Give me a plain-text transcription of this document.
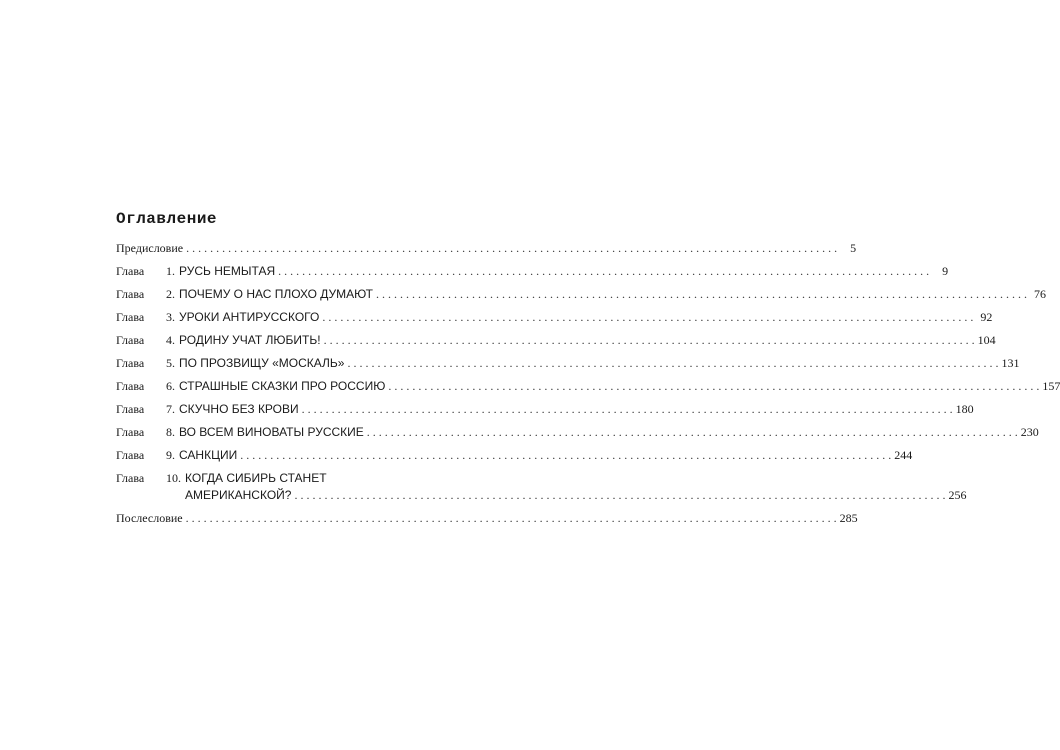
Оглавление
Предисловие . . .	5
Глава	1. РУСЬ НЕМЫТАЯ . . .	9
Глава	2. ПОЧЕМУ О НАС ПЛОХО ДУМАЮТ . . .	76
Глава	3. УРОКИ АНТИРУССКОГО . . .	92
Глава	4. РОДИНУ УЧАТ ЛЮБИТЬ! . . .	104
Глава	5. ПО ПРОЗВИЩУ «МОСКАЛЬ» . . .	131
Глава	6. СТРАШНЫЕ СКАЗКИ ПРО РОССИЮ . . .	157
Глава	7. СКУЧНО БЕЗ КРОВИ . . .	180
Глава	8. ВО ВСЕМ ВИНОВАТЫ РУССКИЕ . . .	230
Глава	9. САНКЦИИ . . .	244
Глава	10. КОГДА СИБИРЬ СТАНЕТ
АМЕРИКАНСКОЙ? . . .	256
Послесловие . . .	285
